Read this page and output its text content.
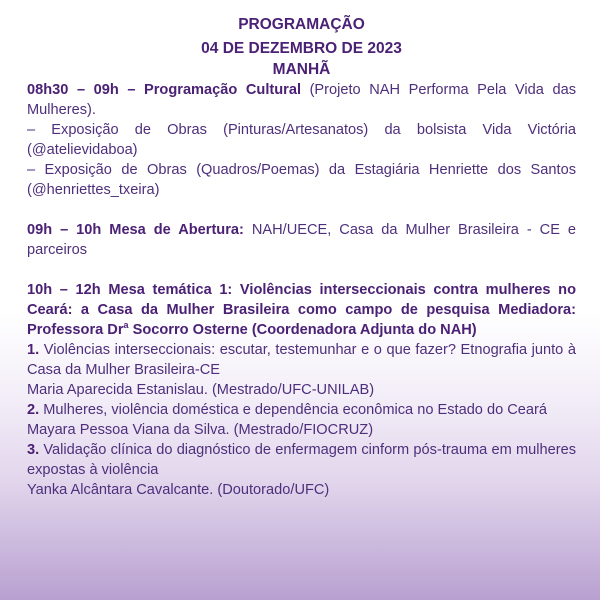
PROGRAMAÇÃO
04 DE DEZEMBRO DE 2023
MANHÃ
08h30 – 09h – Programação Cultural (Projeto NAH Performa Pela Vida das Mulheres).
– Exposição de Obras (Pinturas/Artesanatos) da bolsista Vida Victória (@atelievidaboa)
– Exposição de Obras (Quadros/Poemas) da Estagiária Henriette dos Santos (@henriettes_txeira)
09h – 10h Mesa de Abertura: NAH/UECE, Casa da Mulher Brasileira - CE e parceiros
10h – 12h Mesa temática 1: Violências interseccionais contra mulheres no Ceará: a Casa da Mulher Brasileira como campo de pesquisa Mediadora: Professora Dr$^a$ Socorro Osterne (Coordenadora Adjunta do NAH)
1. Violências interseccionais: escutar, testemunhar e o que fazer? Etnografia junto à Casa da Mulher Brasileira-CE
Maria Aparecida Estanislau. (Mestrado/UFC-UNILAB)
2. Mulheres, violência doméstica e dependência econômica no Estado do Ceará
Mayara Pessoa Viana da Silva. (Mestrado/FIOCRUZ)
3. Validação clínica do diagnóstico de enfermagem cinform pós-trauma em mulheres expostas à violência
Yanka Alcântara Cavalcante. (Doutorado/UFC)
